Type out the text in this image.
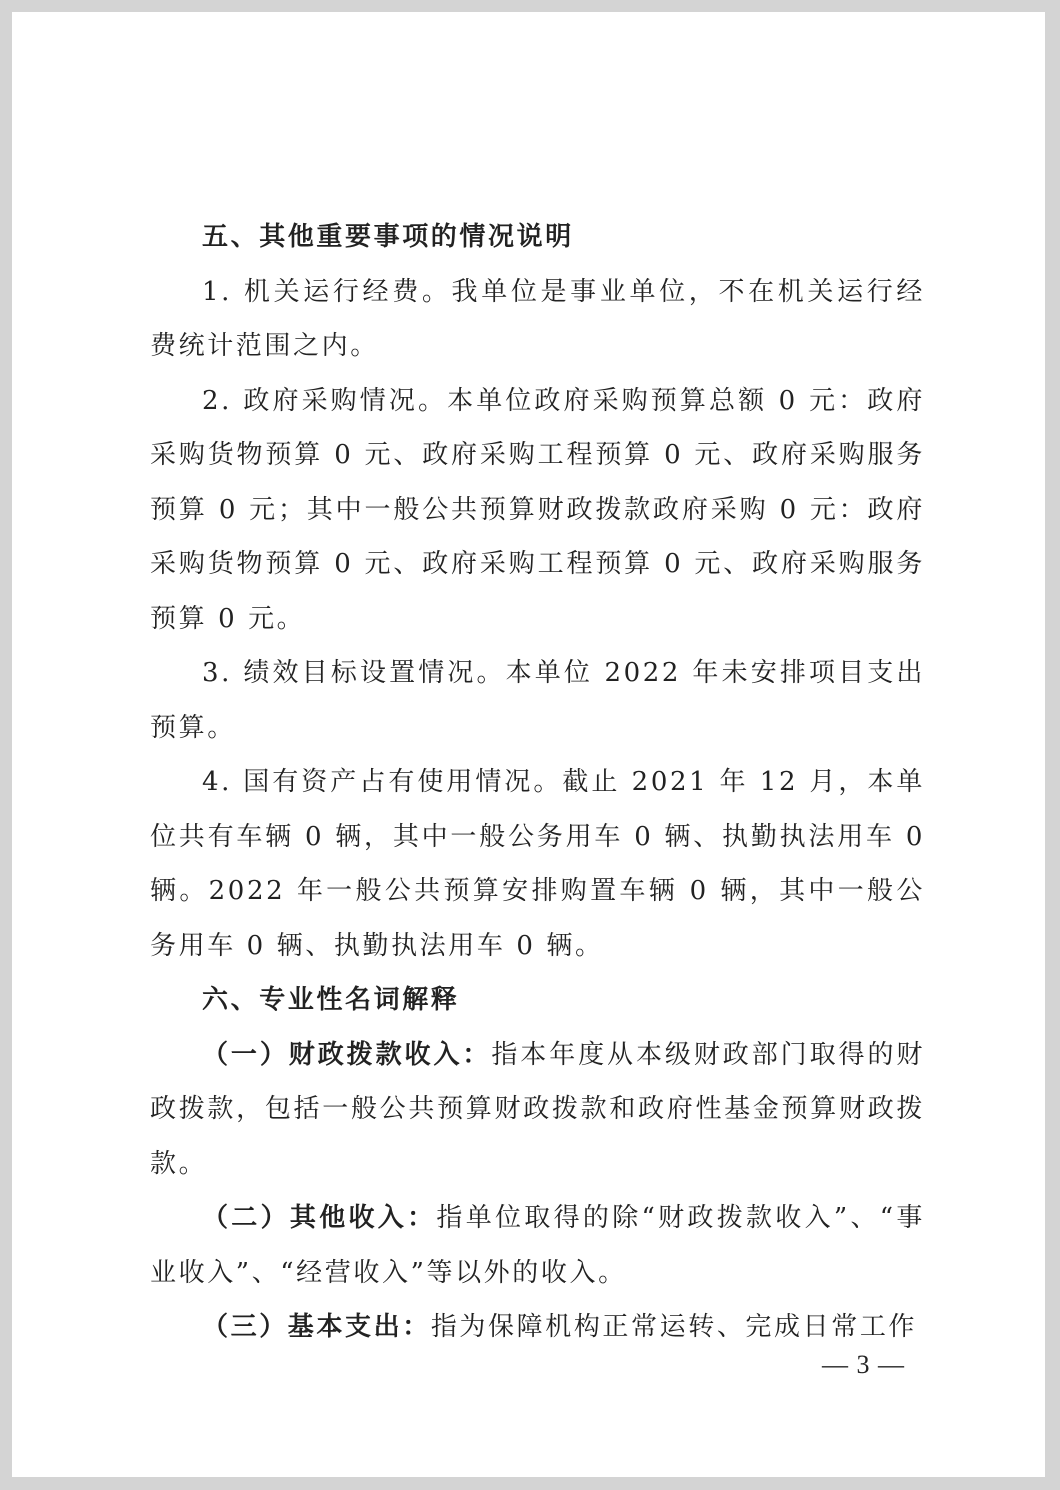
五、其他重要事项的情况说明

1. 机关运行经费。我单位是事业单位，不在机关运行经费统计范围之内。

2. 政府采购情况。本单位政府采购预算总额 0 元：政府采购货物预算 0 元、政府采购工程预算 0 元、政府采购服务预算 0 元；其中一般公共预算财政拨款政府采购 0 元：政府采购货物预算 0 元、政府采购工程预算 0 元、政府采购服务预算 0 元。

3. 绩效目标设置情况。本单位 2022 年未安排项目支出预算。

4. 国有资产占有使用情况。截止 2021 年 12 月，本单位共有车辆 0 辆，其中一般公务用车 0 辆、执勤执法用车 0 辆。2022 年一般公共预算安排购置车辆 0 辆，其中一般公务用车 0 辆、执勤执法用车 0 辆。

六、专业性名词解释

（一）财政拨款收入：指本年度从本级财政部门取得的财政拨款，包括一般公共预算财政拨款和政府性基金预算财政拨款。

（二）其他收入：指单位取得的除“财政拨款收入”、“事业收入”、“经营收入”等以外的收入。

（三）基本支出：指为保障机构正常运转、完成日常工作

— 3 —
